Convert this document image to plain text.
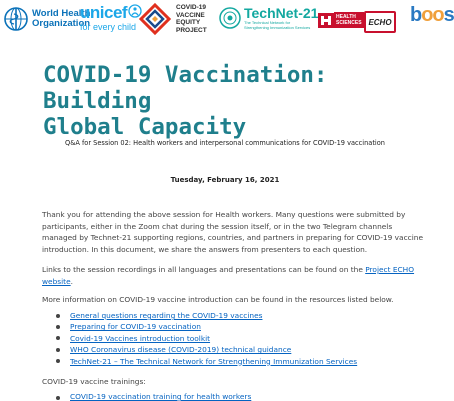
World Health
Organization
unicef
for every child
COVID-19
VACCINE
EQUITY
PROJECT
TechNet-21
The Technical Network for
Strengthening Immunization Services
HEALTH
SCIENCES ECHO boos
COVID-19 Vaccination: Building
Global Capacity
Q&A for Session 02: Health workers and interpersonal communications for COVID-19 vaccination
Tuesday, February 16, 2021

Thank you for attending the above session for Health workers. Many questions were submitted by participants, either in the Zoom chat during the session itself, or in the two Telegram channels managed by Technet-21 supporting regions, countries, and partners in preparing for COVID-19 vaccine introduction. In this document, we share the answers from presenters to each question.

Links to the session recordings in all languages and presentations can be found on the Project ECHO website.

More information on COVID-19 vaccine introduction can be found in the resources listed below.

General questions regarding the COVID-19 vaccines
Preparing for COVID-19 vaccination
Covid-19 Vaccines introduction toolkit
WHO Coronavirus disease (COVID-2019) technical guidance
TechNet-21 – The Technical Network for Strengthening Immunization Services

COVID-19 vaccine trainings:

COVID-19 vaccination training for health workers
